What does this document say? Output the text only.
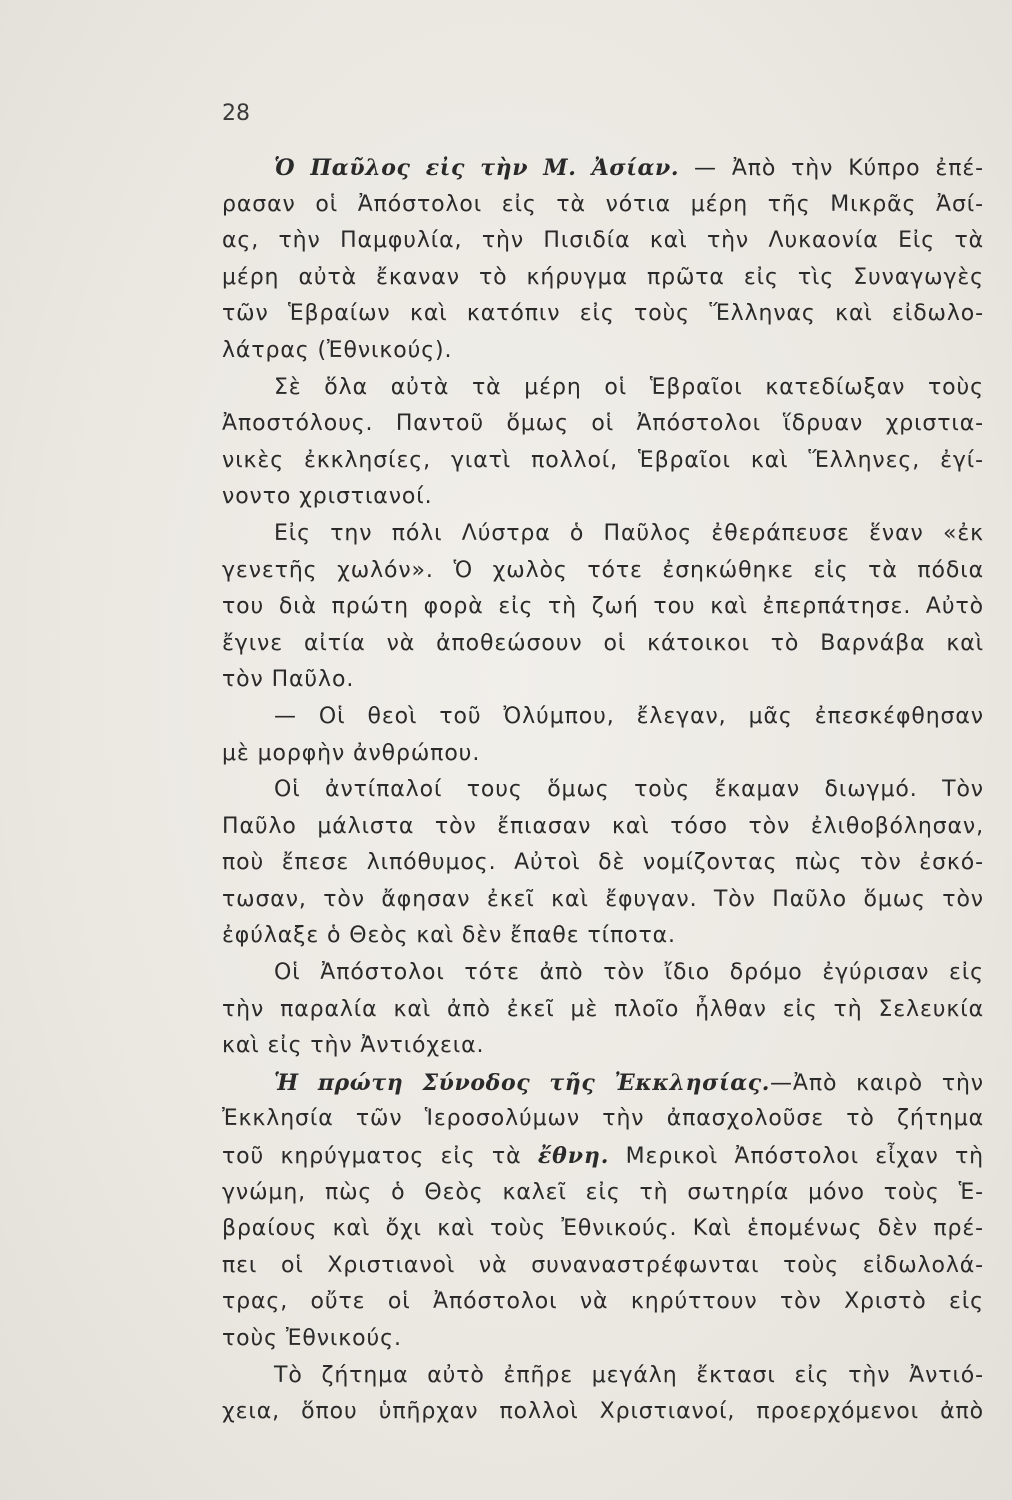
28
Ὁ Παῦλος εἰς τὴν Μ. Ἀσίαν. — Ἀπὸ τὴν Κύπρο ἐπέ-
ρασαν οἱ Ἀπόστολοι εἰς τὰ νότια μέρη τῆς Μικρᾶς Ἀσί-
ας, τὴν Παμφυλία, τὴν Πισιδία καὶ τὴν Λυκαονία Εἰς τὰ
μέρη αὐτὰ ἔκαναν τὸ κήρυγμα πρῶτα εἰς τὶς Συναγωγὲς
τῶν Ἑβραίων καὶ κατόπιν εἰς τοὺς Ἕλληνας καὶ εἰδωλο-
λάτρας (Ἐθνικούς).
Σὲ ὅλα αὐτὰ τὰ μέρη οἱ Ἑβραῖοι κατεδίωξαν τοὺς
Ἀποστόλους. Παντοῦ ὅμως οἱ Ἀπόστολοι ἵδρυαν χριστια-
νικὲς ἐκκλησίες, γιατὶ πολλοί, Ἑβραῖοι καὶ Ἕλληνες, ἐγί-
νοντο χριστιανοί.
Εἰς την πόλι Λύστρα ὁ Παῦλος ἐθεράπευσε ἕναν «ἐκ
γενετῆς χωλόν». Ὁ χωλὸς τότε ἐσηκώθηκε εἰς τὰ πόδια
του διὰ πρώτη φορὰ εἰς τὴ ζωή του καὶ ἐπερπάτησε. Αὐτὸ
ἔγινε αἰτία νὰ ἀποθεώσουν οἱ κάτοικοι τὸ Βαρνάβα καὶ
τὸν Παῦλο.
— Οἱ θεοὶ τοῦ Ὀλύμπου, ἔλεγαν, μᾶς ἐπεσκέφθησαν
μὲ μορφὴν ἀνθρώπου.
Οἱ ἀντίπαλοί τους ὅμως τοὺς ἔκαμαν διωγμό. Τὸν
Παῦλο μάλιστα τὸν ἔπιασαν καὶ τόσο τὸν ἐλιθοβόλησαν,
ποὺ ἔπεσε λιπόθυμος. Αὐτοὶ δὲ νομίζοντας πὼς τὸν ἐσκό-
τωσαν, τὸν ἄφησαν ἐκεῖ καὶ ἔφυγαν. Τὸν Παῦλο ὅμως τὸν
ἐφύλαξε ὁ Θεὸς καὶ δὲν ἔπαθε τίποτα.
Οἱ Ἀπόστολοι τότε ἀπὸ τὸν ἴδιο δρόμο ἐγύρισαν εἰς
τὴν παραλία καὶ ἀπὸ ἐκεῖ μὲ πλοῖο ἦλθαν εἰς τὴ Σελευκία
καὶ εἰς τὴν Ἀντιόχεια.
Ἡ πρώτη Σύνοδος τῆς Ἐκκλησίας.—Ἀπὸ καιρὸ τὴν
Ἐκκλησία τῶν Ἱεροσολύμων τὴν ἀπασχολοῦσε τὸ ζήτημα
τοῦ κηρύγματος εἰς τὰ ἔθνη. Μερικοὶ Ἀπόστολοι εἶχαν τὴ
γνώμη, πὼς ὁ Θεὸς καλεῖ εἰς τὴ σωτηρία μόνο τοὺς Ἑ-
βραίους καὶ ὄχι καὶ τοὺς Ἐθνικούς. Καὶ ἑπομένως δὲν πρέ-
πει οἱ Χριστιανοὶ νὰ συναναστρέφωνται τοὺς εἰδωλολά-
τρας, οὔτε οἱ Ἀπόστολοι νὰ κηρύττουν τὸν Χριστὸ εἰς
τοὺς Ἐθνικούς.
Τὸ ζήτημα αὐτὸ ἐπῆρε μεγάλη ἔκτασι εἰς τὴν Ἀντιό-
χεια, ὅπου ὑπῆρχαν πολλοὶ Χριστιανοί, προερχόμενοι ἀπὸ
